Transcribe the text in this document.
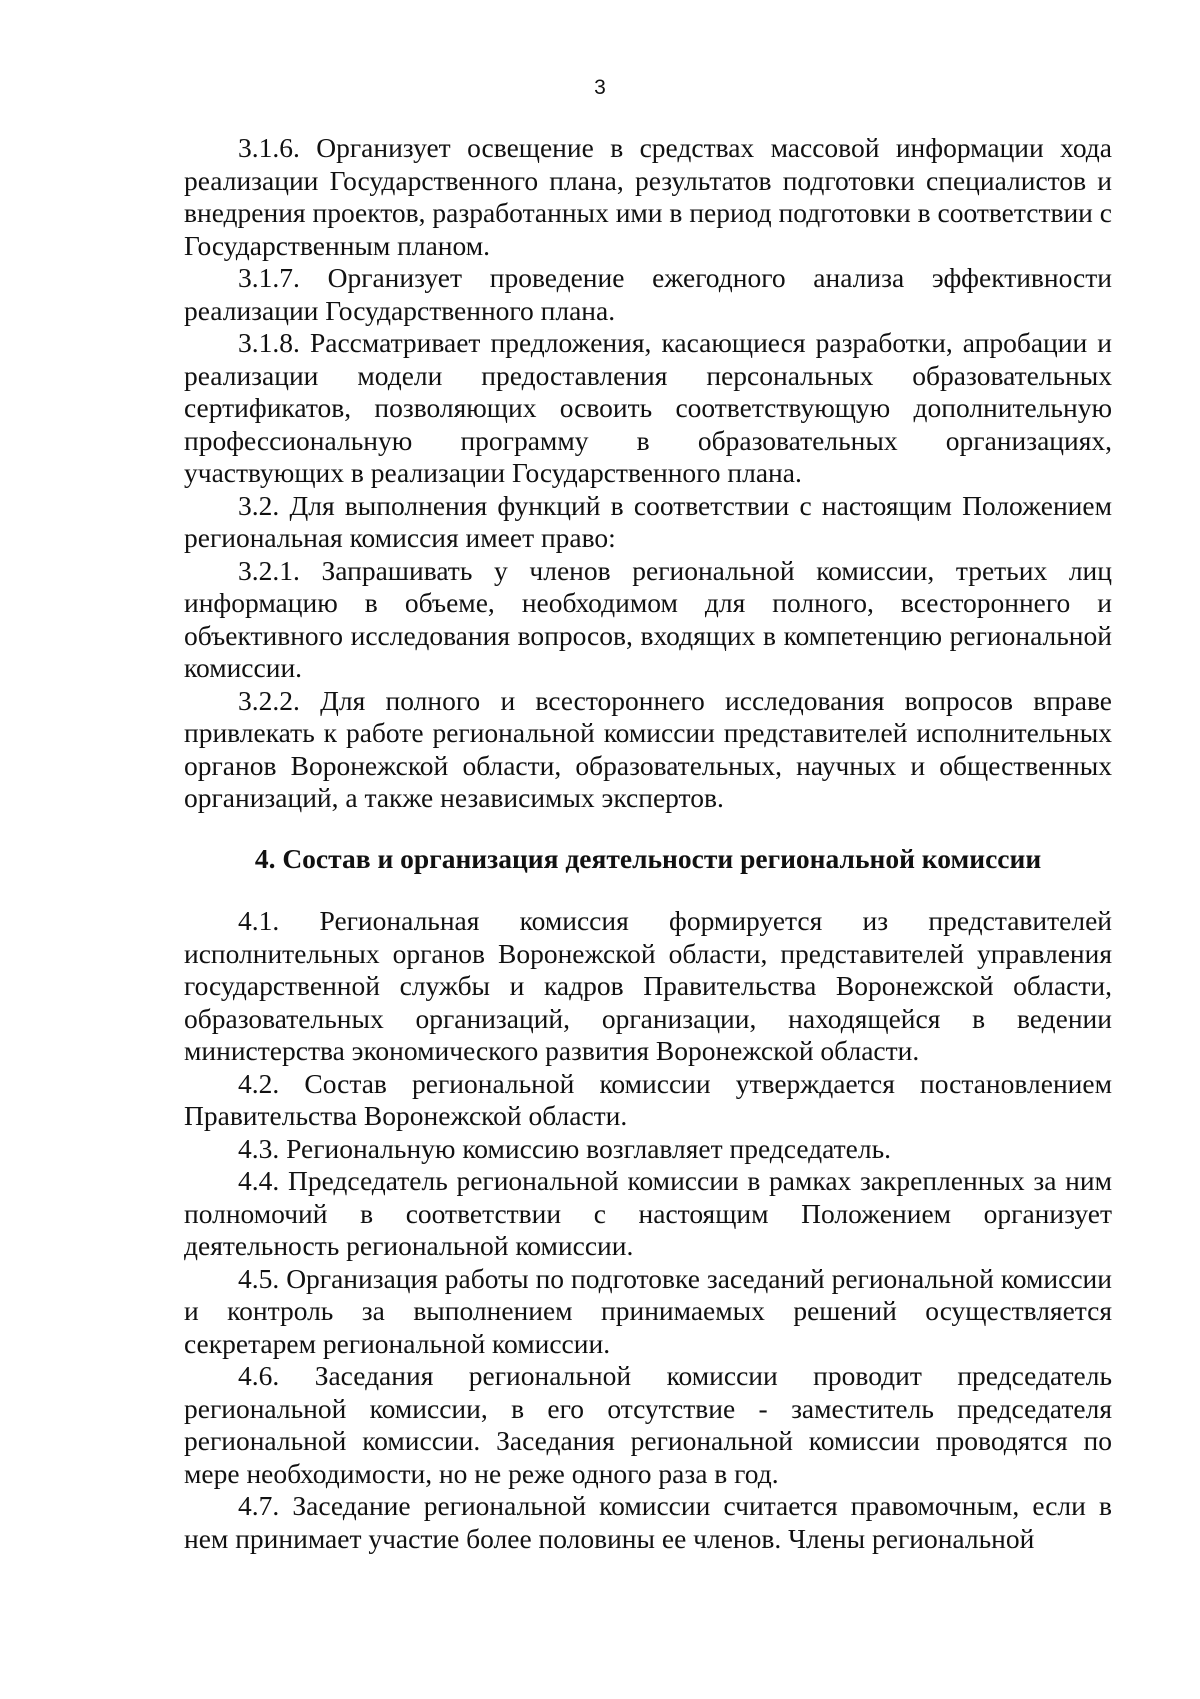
3

3.1.6. Организует освещение в средствах массовой информации хода реализации Государственного плана, результатов подготовки специалистов и внедрения проектов, разработанных ими в период подготовки в соответствии с Государственным планом.

3.1.7. Организует проведение ежегодного анализа эффективности реализации Государственного плана.

3.1.8. Рассматривает предложения, касающиеся разработки, апробации и реализации модели предоставления персональных образовательных сертификатов, позволяющих освоить соответствующую дополнительную профессиональную программу в образовательных организациях, участвующих в реализации Государственного плана.

3.2. Для выполнения функций в соответствии с настоящим Положением региональная комиссия имеет право:

3.2.1. Запрашивать у членов региональной комиссии, третьих лиц информацию в объеме, необходимом для полного, всестороннего и объективного исследования вопросов, входящих в компетенцию региональной комиссии.

3.2.2. Для полного и всестороннего исследования вопросов вправе привлекать к работе региональной комиссии представителей исполнительных органов Воронежской области, образовательных, научных и общественных организаций, а также независимых экспертов.

4. Состав и организация деятельности региональной комиссии

4.1. Региональная комиссия формируется из представителей исполнительных органов Воронежской области, представителей управления государственной службы и кадров Правительства Воронежской области, образовательных организаций, организации, находящейся в ведении министерства экономического развития Воронежской области.

4.2. Состав региональной комиссии утверждается постановлением Правительства Воронежской области.

4.3. Региональную комиссию возглавляет председатель.

4.4. Председатель региональной комиссии в рамках закрепленных за ним полномочий в соответствии с настоящим Положением организует деятельность региональной комиссии.

4.5. Организация работы по подготовке заседаний региональной комиссии и контроль за выполнением принимаемых решений осуществляется секретарем региональной комиссии.

4.6. Заседания региональной комиссии проводит председатель региональной комиссии, в его отсутствие - заместитель председателя региональной комиссии. Заседания региональной комиссии проводятся по мере необходимости, но не реже одного раза в год.

4.7. Заседание региональной комиссии считается правомочным, если в нем принимает участие более половины ее членов. Члены региональной
